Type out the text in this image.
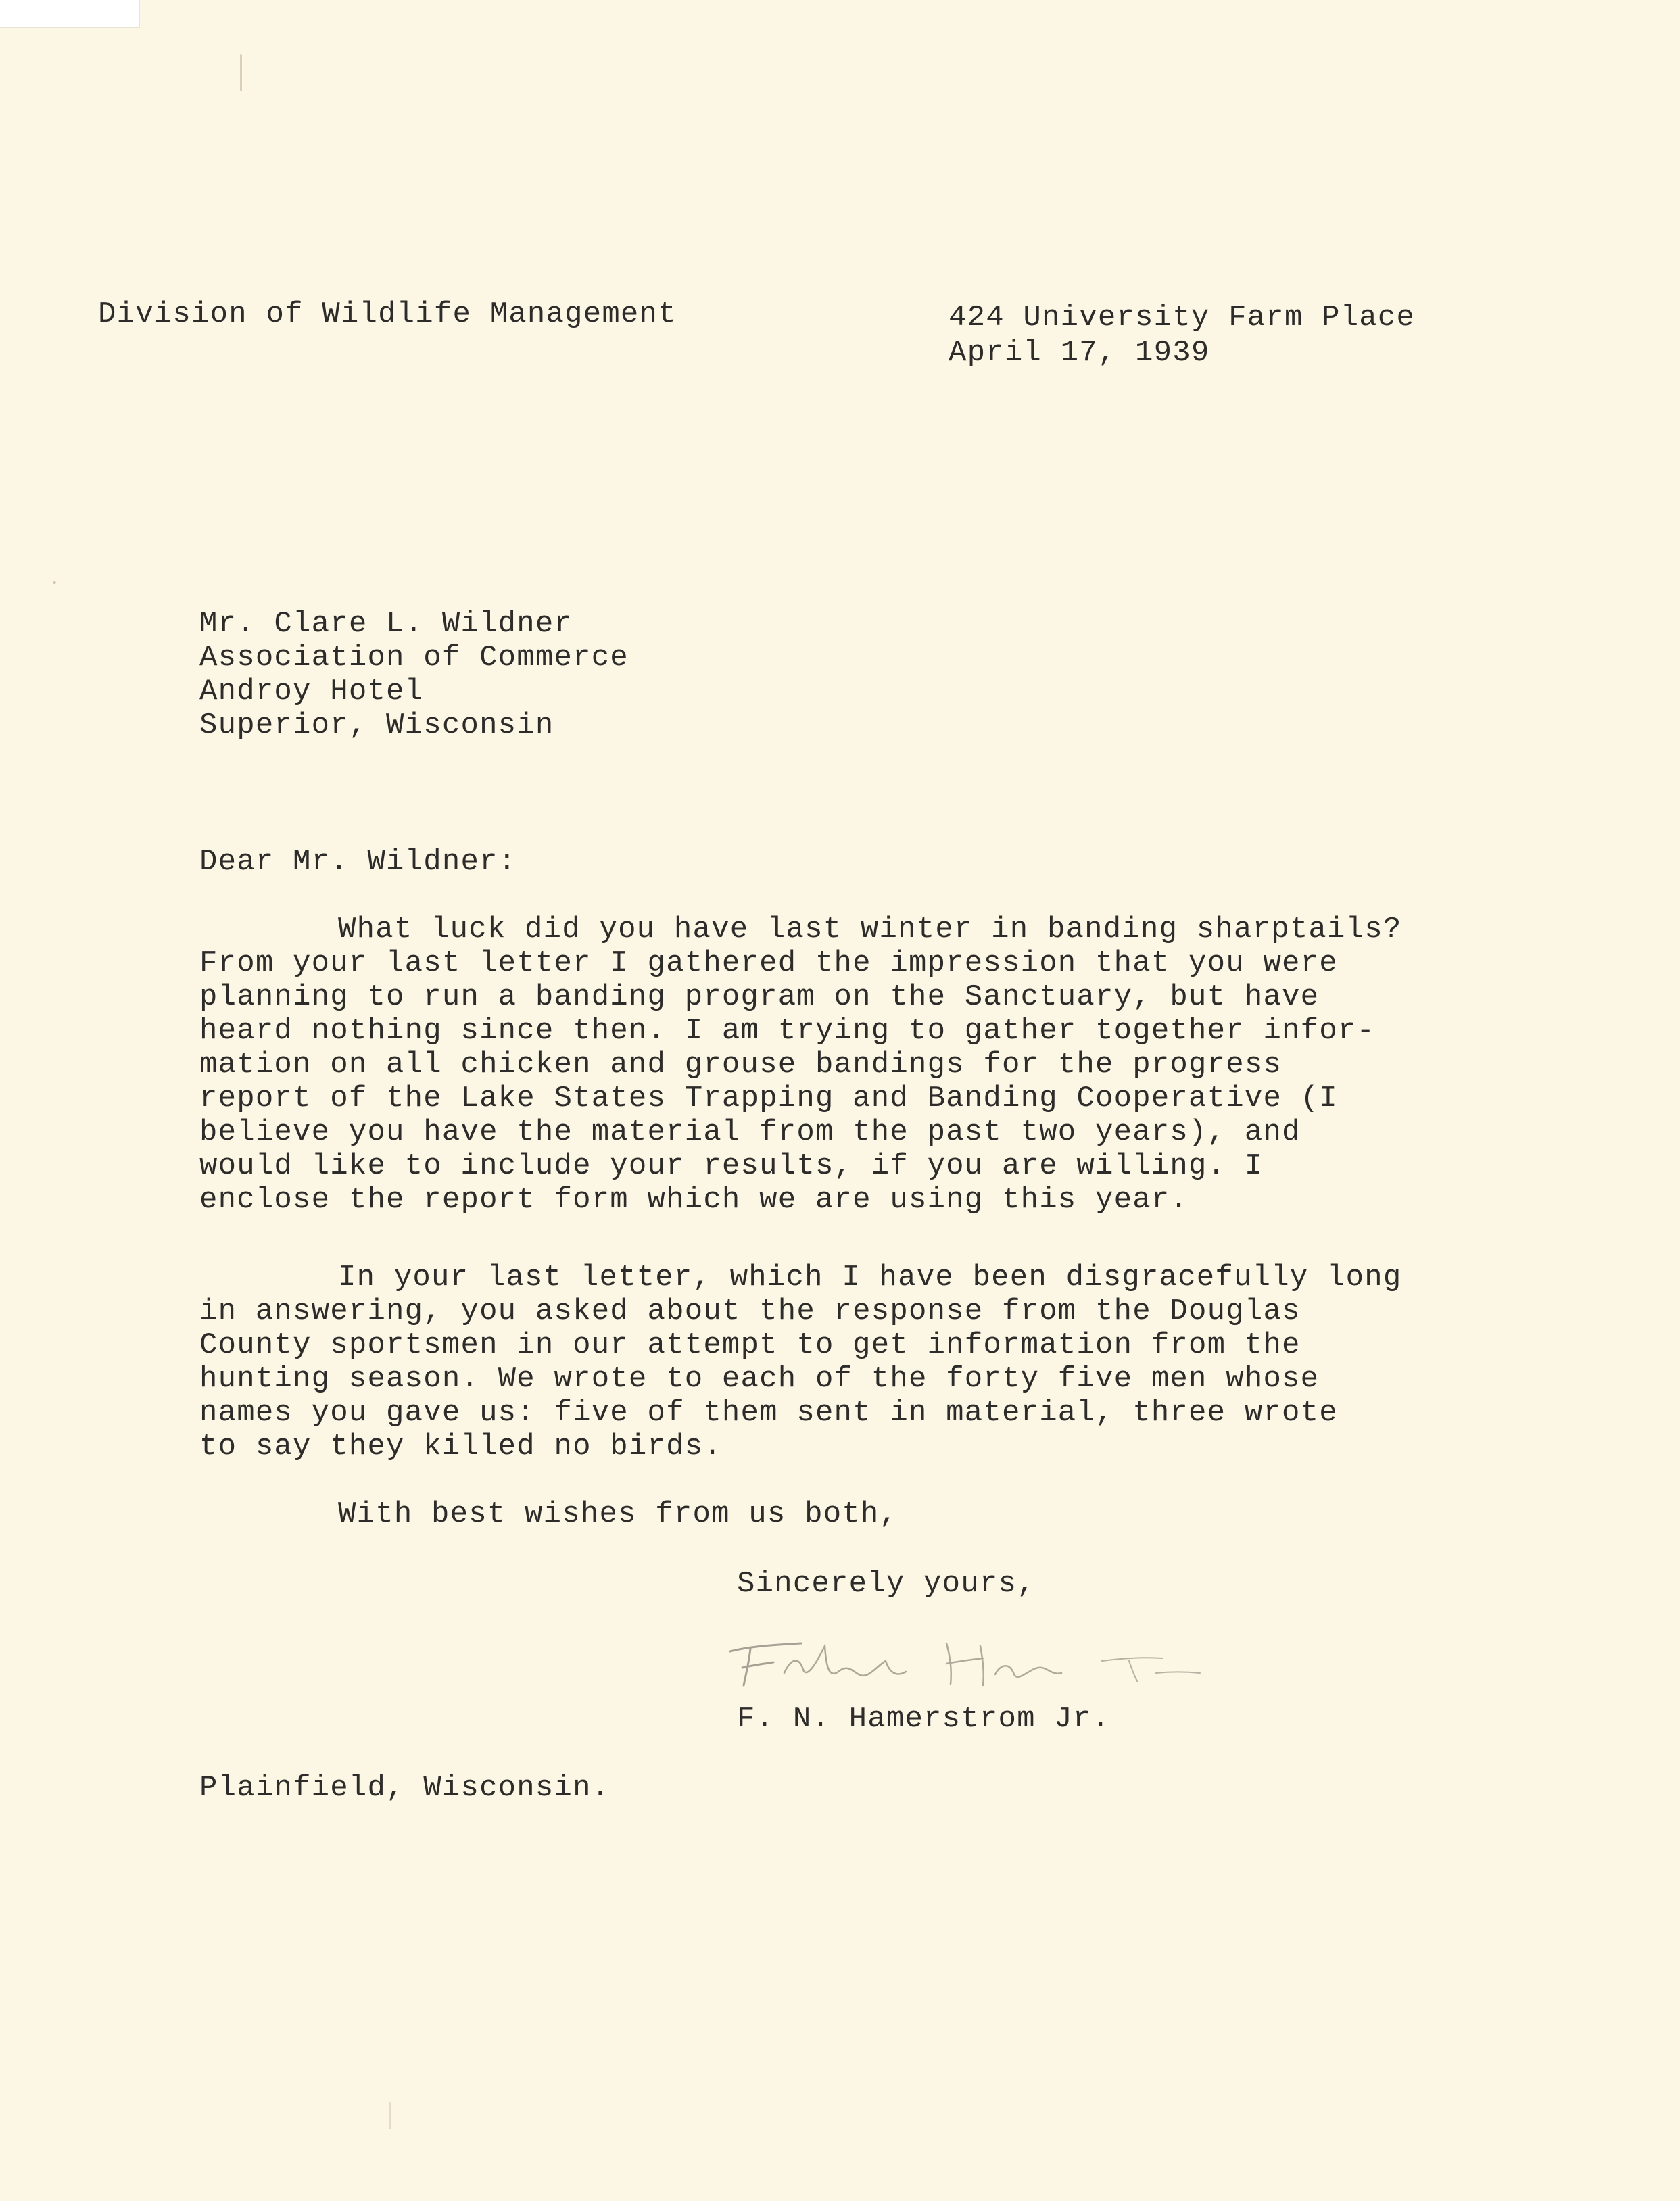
Division of Wildlife Management	424 University Farm Place
April 17, 1939
Mr. Clare L. Wildner
Association of Commerce
Androy Hotel
Superior, Wisconsin
Dear Mr. Wildner:
What luck did you have last winter in banding sharptails?
From your last letter I gathered the impression that you were
planning to run a banding program on the Sanctuary, but have
heard nothing since then. I am trying to gather together infor-
mation on all chicken and grouse bandings for the progress
report of the Lake States Trapping and Banding Cooperative (I
believe you have the material from the past two years), and
would like to include your results, if you are willing. I
enclose the report form which we are using this year.
In your last letter, which I have been disgracefully long
in answering, you asked about the response from the Douglas
County sportsmen in our attempt to get information from the
hunting season. We wrote to each of the forty five men whose
names you gave us: five of them sent in material, three wrote
to say they killed no birds.
With best wishes from us both,
Sincerely yours,
F. N. Hamerstrom Jr.
Plainfield, Wisconsin.
